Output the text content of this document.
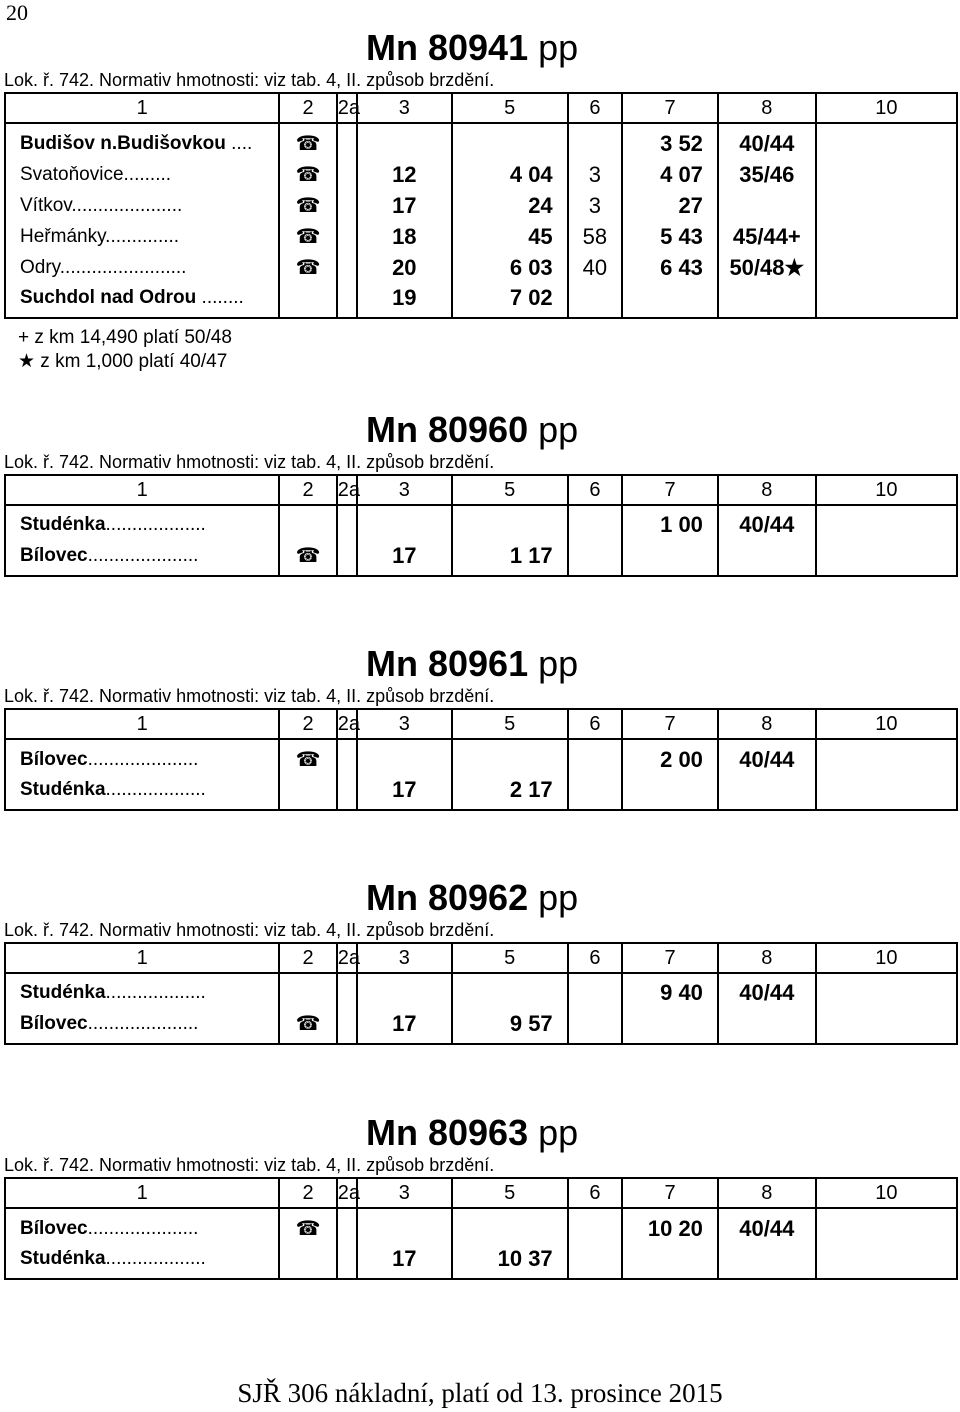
20
Mn 80941 pp
Lok. ř. 742. Normativ hmotnosti: viz tab. 4, II. způsob brzdění.
1	2	2a	3	5	6	7	8	10
Budišov n.Budišovkou ....	☎					3 52	40/44	
Svatoňovice.........	☎		12	4 04	3	4 07	35/46	
Vítkov.....................	☎		17	24	3	27		
Heřmánky..............	☎		18	45	58	5 43	45/44+	
Odry........................	☎		20	6 03	40	6 43	50/48★	
Suchdol nad Odrou ........			19	7 02				
+ z km 14,490 platí 50/48
★ z km 1,000 platí 40/47
Mn 80960 pp
Lok. ř. 742. Normativ hmotnosti: viz tab. 4, II. způsob brzdění.
1	2	2a	3	5	6	7	8	10
Studénka...................						1 00	40/44	
Bílovec.....................	☎		17	1 17				
Mn 80961 pp
Lok. ř. 742. Normativ hmotnosti: viz tab. 4, II. způsob brzdění.
1	2	2a	3	5	6	7	8	10
Bílovec.....................	☎					2 00	40/44	
Studénka...................			17	2 17				
Mn 80962 pp
Lok. ř. 742. Normativ hmotnosti: viz tab. 4, II. způsob brzdění.
1	2	2a	3	5	6	7	8	10
Studénka...................						9 40	40/44	
Bílovec.....................	☎		17	9 57				
Mn 80963 pp
Lok. ř. 742. Normativ hmotnosti: viz tab. 4, II. způsob brzdění.
1	2	2a	3	5	6	7	8	10
Bílovec.....................	☎					10 20	40/44	
Studénka...................			17	10 37				
SJŘ 306 nákladní, platí od 13. prosince 2015
